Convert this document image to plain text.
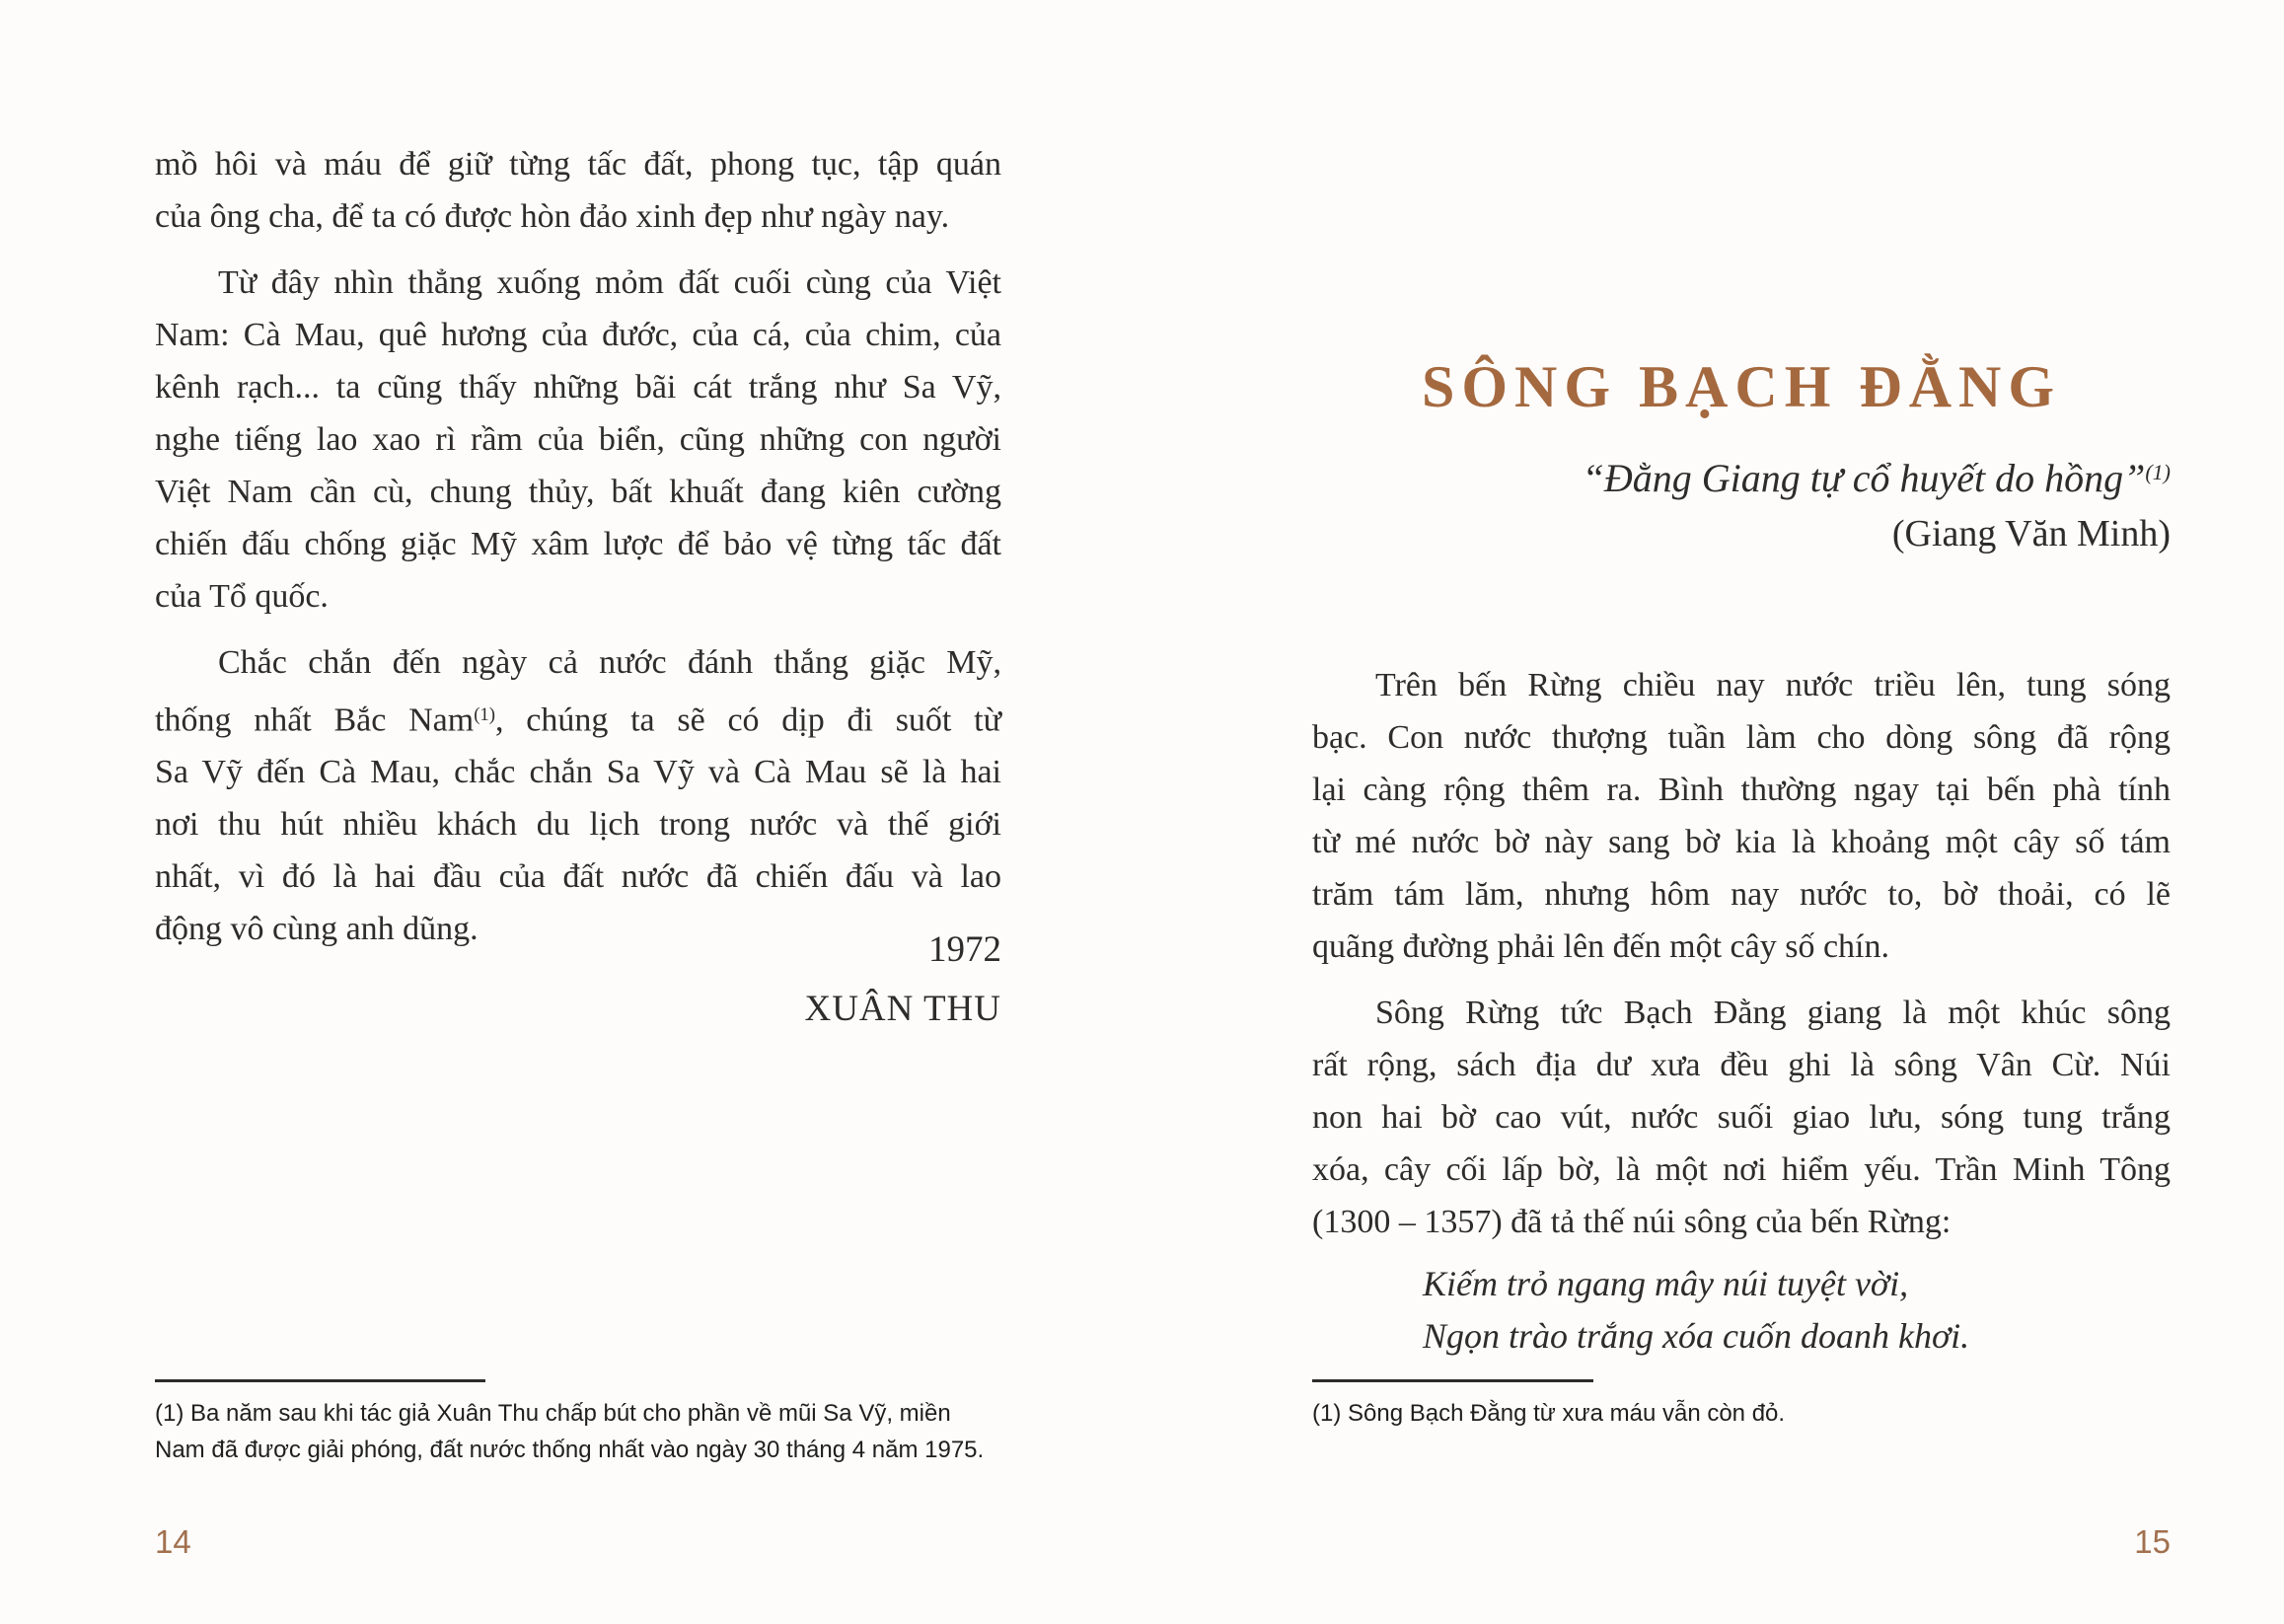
mồ hôi và máu để giữ từng tấc đất, phong tục, tập quán
của ông cha, để ta có được hòn đảo xinh đẹp như ngày nay.
Từ đây nhìn thẳng xuống mỏm đất cuối cùng của Việt
Nam: Cà Mau, quê hương của đước, của cá, của chim, của
kênh rạch... ta cũng thấy những bãi cát trắng như Sa Vỹ,
nghe tiếng lao xao rì rầm của biển, cũng những con người
Việt Nam cần cù, chung thủy, bất khuất đang kiên cường
chiến đấu chống giặc Mỹ xâm lược để bảo vệ từng tấc đất
của Tổ quốc.
Chắc chắn đến ngày cả nước đánh thắng giặc Mỹ,
thống nhất Bắc Nam$^{(1)}$, chúng ta sẽ có dịp đi suốt từ
Sa Vỹ đến Cà Mau, chắc chắn Sa Vỹ và Cà Mau sẽ là hai
nơi thu hút nhiều khách du lịch trong nước và thế giới
nhất, vì đó là hai đầu của đất nước đã chiến đấu và lao
động vô cùng anh dũng.
1972
XUÂN THU
(1) Ba năm sau khi tác giả Xuân Thu chấp bút cho phần về mũi Sa Vỹ, miền Nam đã được giải phóng, đất nước thống nhất vào ngày 30 tháng 4 năm 1975.
14
SÔNG BẠCH ĐẰNG
“Đằng Giang tự cổ huyết do hồng”$^{(1)}$
(Giang Văn Minh)
Trên bến Rừng chiều nay nước triều lên, tung sóng
bạc. Con nước thượng tuần làm cho dòng sông đã rộng
lại càng rộng thêm ra. Bình thường ngay tại bến phà tính
từ mé nước bờ này sang bờ kia là khoảng một cây số tám
trăm tám lăm, nhưng hôm nay nước to, bờ thoải, có lẽ
quãng đường phải lên đến một cây số chín.
Sông Rừng tức Bạch Đằng giang là một khúc sông
rất rộng, sách địa dư xưa đều ghi là sông Vân Cừ. Núi
non hai bờ cao vút, nước suối giao lưu, sóng tung trắng
xóa, cây cối lấp bờ, là một nơi hiểm yếu. Trần Minh Tông
(1300 – 1357) đã tả thế núi sông của bến Rừng:
Kiếm trỏ ngang mây núi tuyệt vời,
Ngọn trào trắng xóa cuốn doanh khơi.
(1) Sông Bạch Đằng từ xưa máu vẫn còn đỏ.
15
